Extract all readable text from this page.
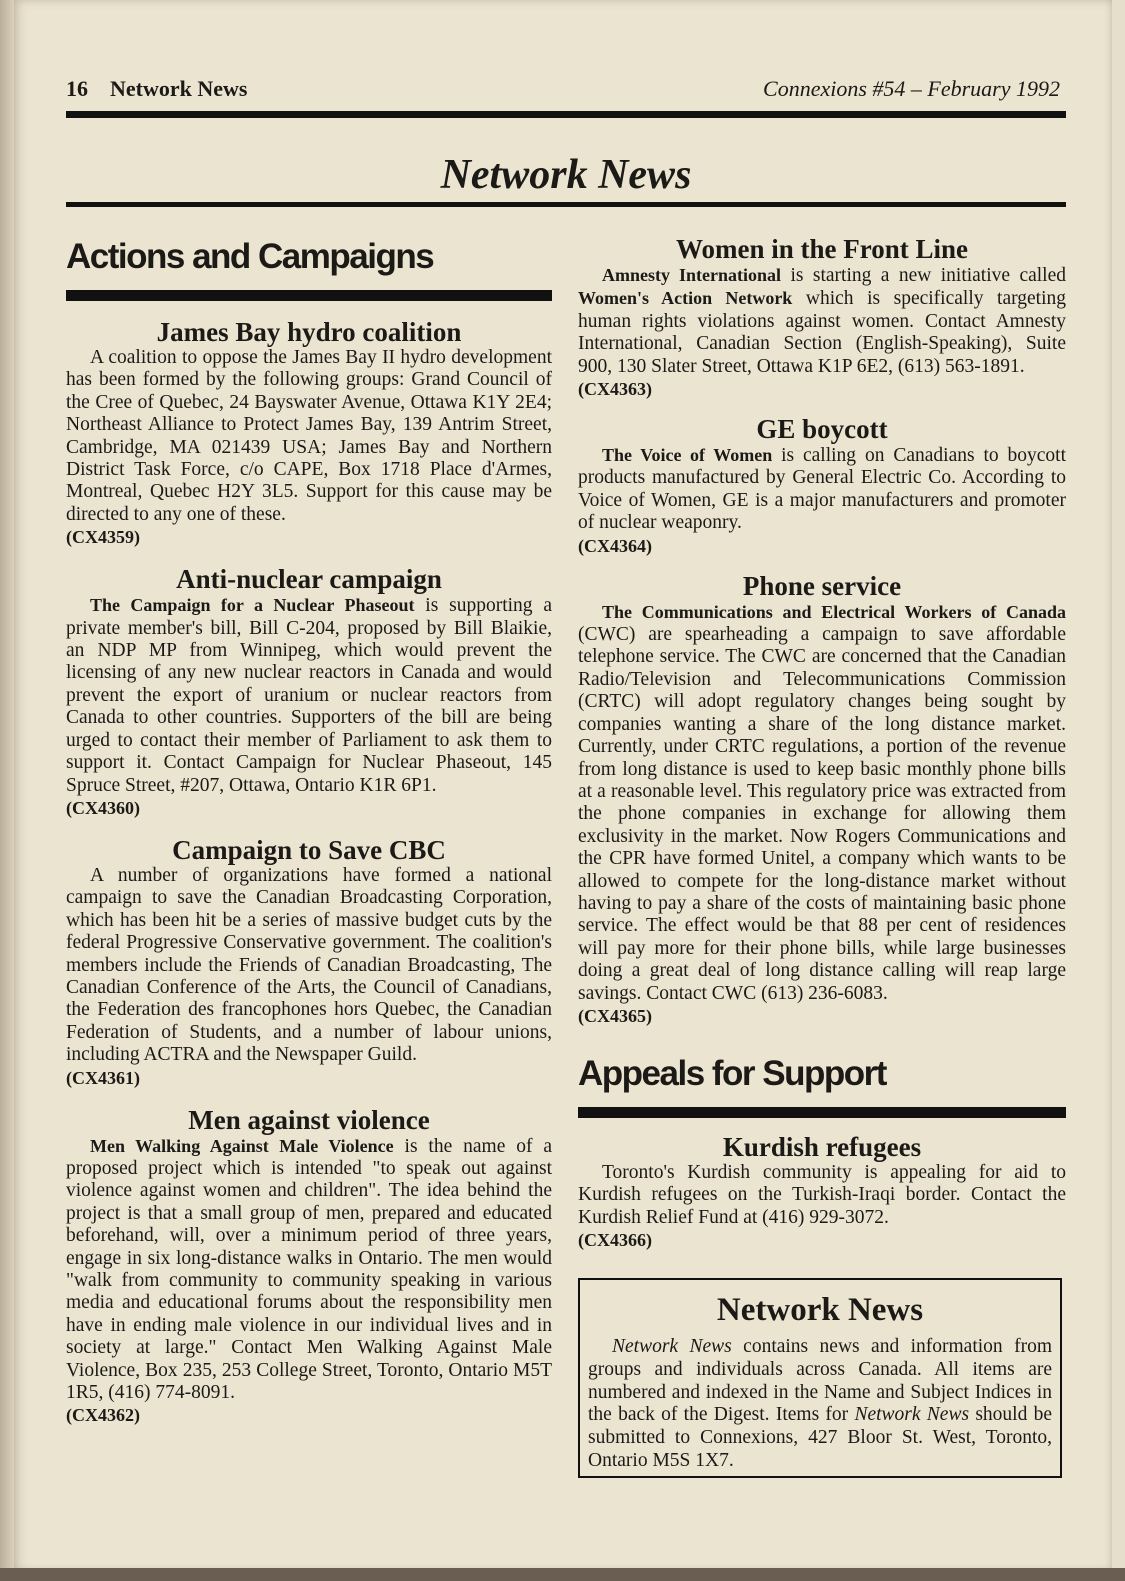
16 Network News	Connexions #54 – February 1992
Network News
Actions and Campaigns
James Bay hydro coalition

A coalition to oppose the James Bay II hydro development has been formed by the following groups: Grand Council of the Cree of Quebec, 24 Bayswater Avenue, Ottawa K1Y 2E4; Northeast Alliance to Protect James Bay, 139 Antrim Street, Cambridge, MA 021439 USA; James Bay and Northern District Task Force, c/o CAPE, Box 1718 Place d'Armes, Montreal, Quebec H2Y 3L5. Support for this cause may be directed to any one of these.

(CX4359)
Anti-nuclear campaign

The Campaign for a Nuclear Phaseout is supporting a private member's bill, Bill C-204, proposed by Bill Blaikie, an NDP MP from Winnipeg, which would prevent the licensing of any new nuclear reactors in Canada and would prevent the export of uranium or nuclear reactors from Canada to other countries. Supporters of the bill are being urged to contact their member of Parliament to ask them to support it. Contact Campaign for Nuclear Phaseout, 145 Spruce Street, #207, Ottawa, Ontario K1R 6P1.

(CX4360)
Campaign to Save CBC

A number of organizations have formed a national campaign to save the Canadian Broadcasting Corporation, which has been hit be a series of massive budget cuts by the federal Progressive Conservative government. The coalition's members include the Friends of Canadian Broadcasting, The Canadian Conference of the Arts, the Council of Canadians, the Federation des francophones hors Quebec, the Canadian Federation of Students, and a number of labour unions, including ACTRA and the Newspaper Guild.

(CX4361)
Men against violence

Men Walking Against Male Violence is the name of a proposed project which is intended "to speak out against violence against women and children". The idea behind the project is that a small group of men, prepared and educated beforehand, will, over a minimum period of three years, engage in six long-distance walks in Ontario. The men would "walk from community to community speaking in various media and educational forums about the responsibility men have in ending male violence in our individual lives and in society at large." Contact Men Walking Against Male Violence, Box 235, 253 College Street, Toronto, Ontario M5T 1R5, (416) 774-8091.

(CX4362)
Women in the Front Line

Amnesty International is starting a new initiative called Women's Action Network which is specifically targeting human rights violations against women. Contact Amnesty International, Canadian Section (English-Speaking), Suite 900, 130 Slater Street, Ottawa K1P 6E2, (613) 563-1891.

(CX4363)
GE boycott

The Voice of Women is calling on Canadians to boycott products manufactured by General Electric Co. According to Voice of Women, GE is a major manufacturers and promoter of nuclear weaponry.

(CX4364)
Phone service

The Communications and Electrical Workers of Canada (CWC) are spearheading a campaign to save affordable telephone service. The CWC are concerned that the Canadian Radio/Television and Telecommunications Commission (CRTC) will adopt regulatory changes being sought by companies wanting a share of the long distance market. Currently, under CRTC regulations, a portion of the revenue from long distance is used to keep basic monthly phone bills at a reasonable level. This regulatory price was extracted from the phone companies in exchange for allowing them exclusivity in the market. Now Rogers Communications and the CPR have formed Unitel, a company which wants to be allowed to compete for the long-distance market without having to pay a share of the costs of maintaining basic phone service. The effect would be that 88 per cent of residences will pay more for their phone bills, while large businesses doing a great deal of long distance calling will reap large savings. Contact CWC (613) 236-6083.

(CX4365)
Appeals for Support
Kurdish refugees

Toronto's Kurdish community is appealing for aid to Kurdish refugees on the Turkish-Iraqi border. Contact the Kurdish Relief Fund at (416) 929-3072.

(CX4366)
Network News

Network News contains news and information from groups and individuals across Canada. All items are numbered and indexed in the Name and Subject Indices in the back of the Digest. Items for Network News should be submitted to Connexions, 427 Bloor St. West, Toronto, Ontario M5S 1X7.
